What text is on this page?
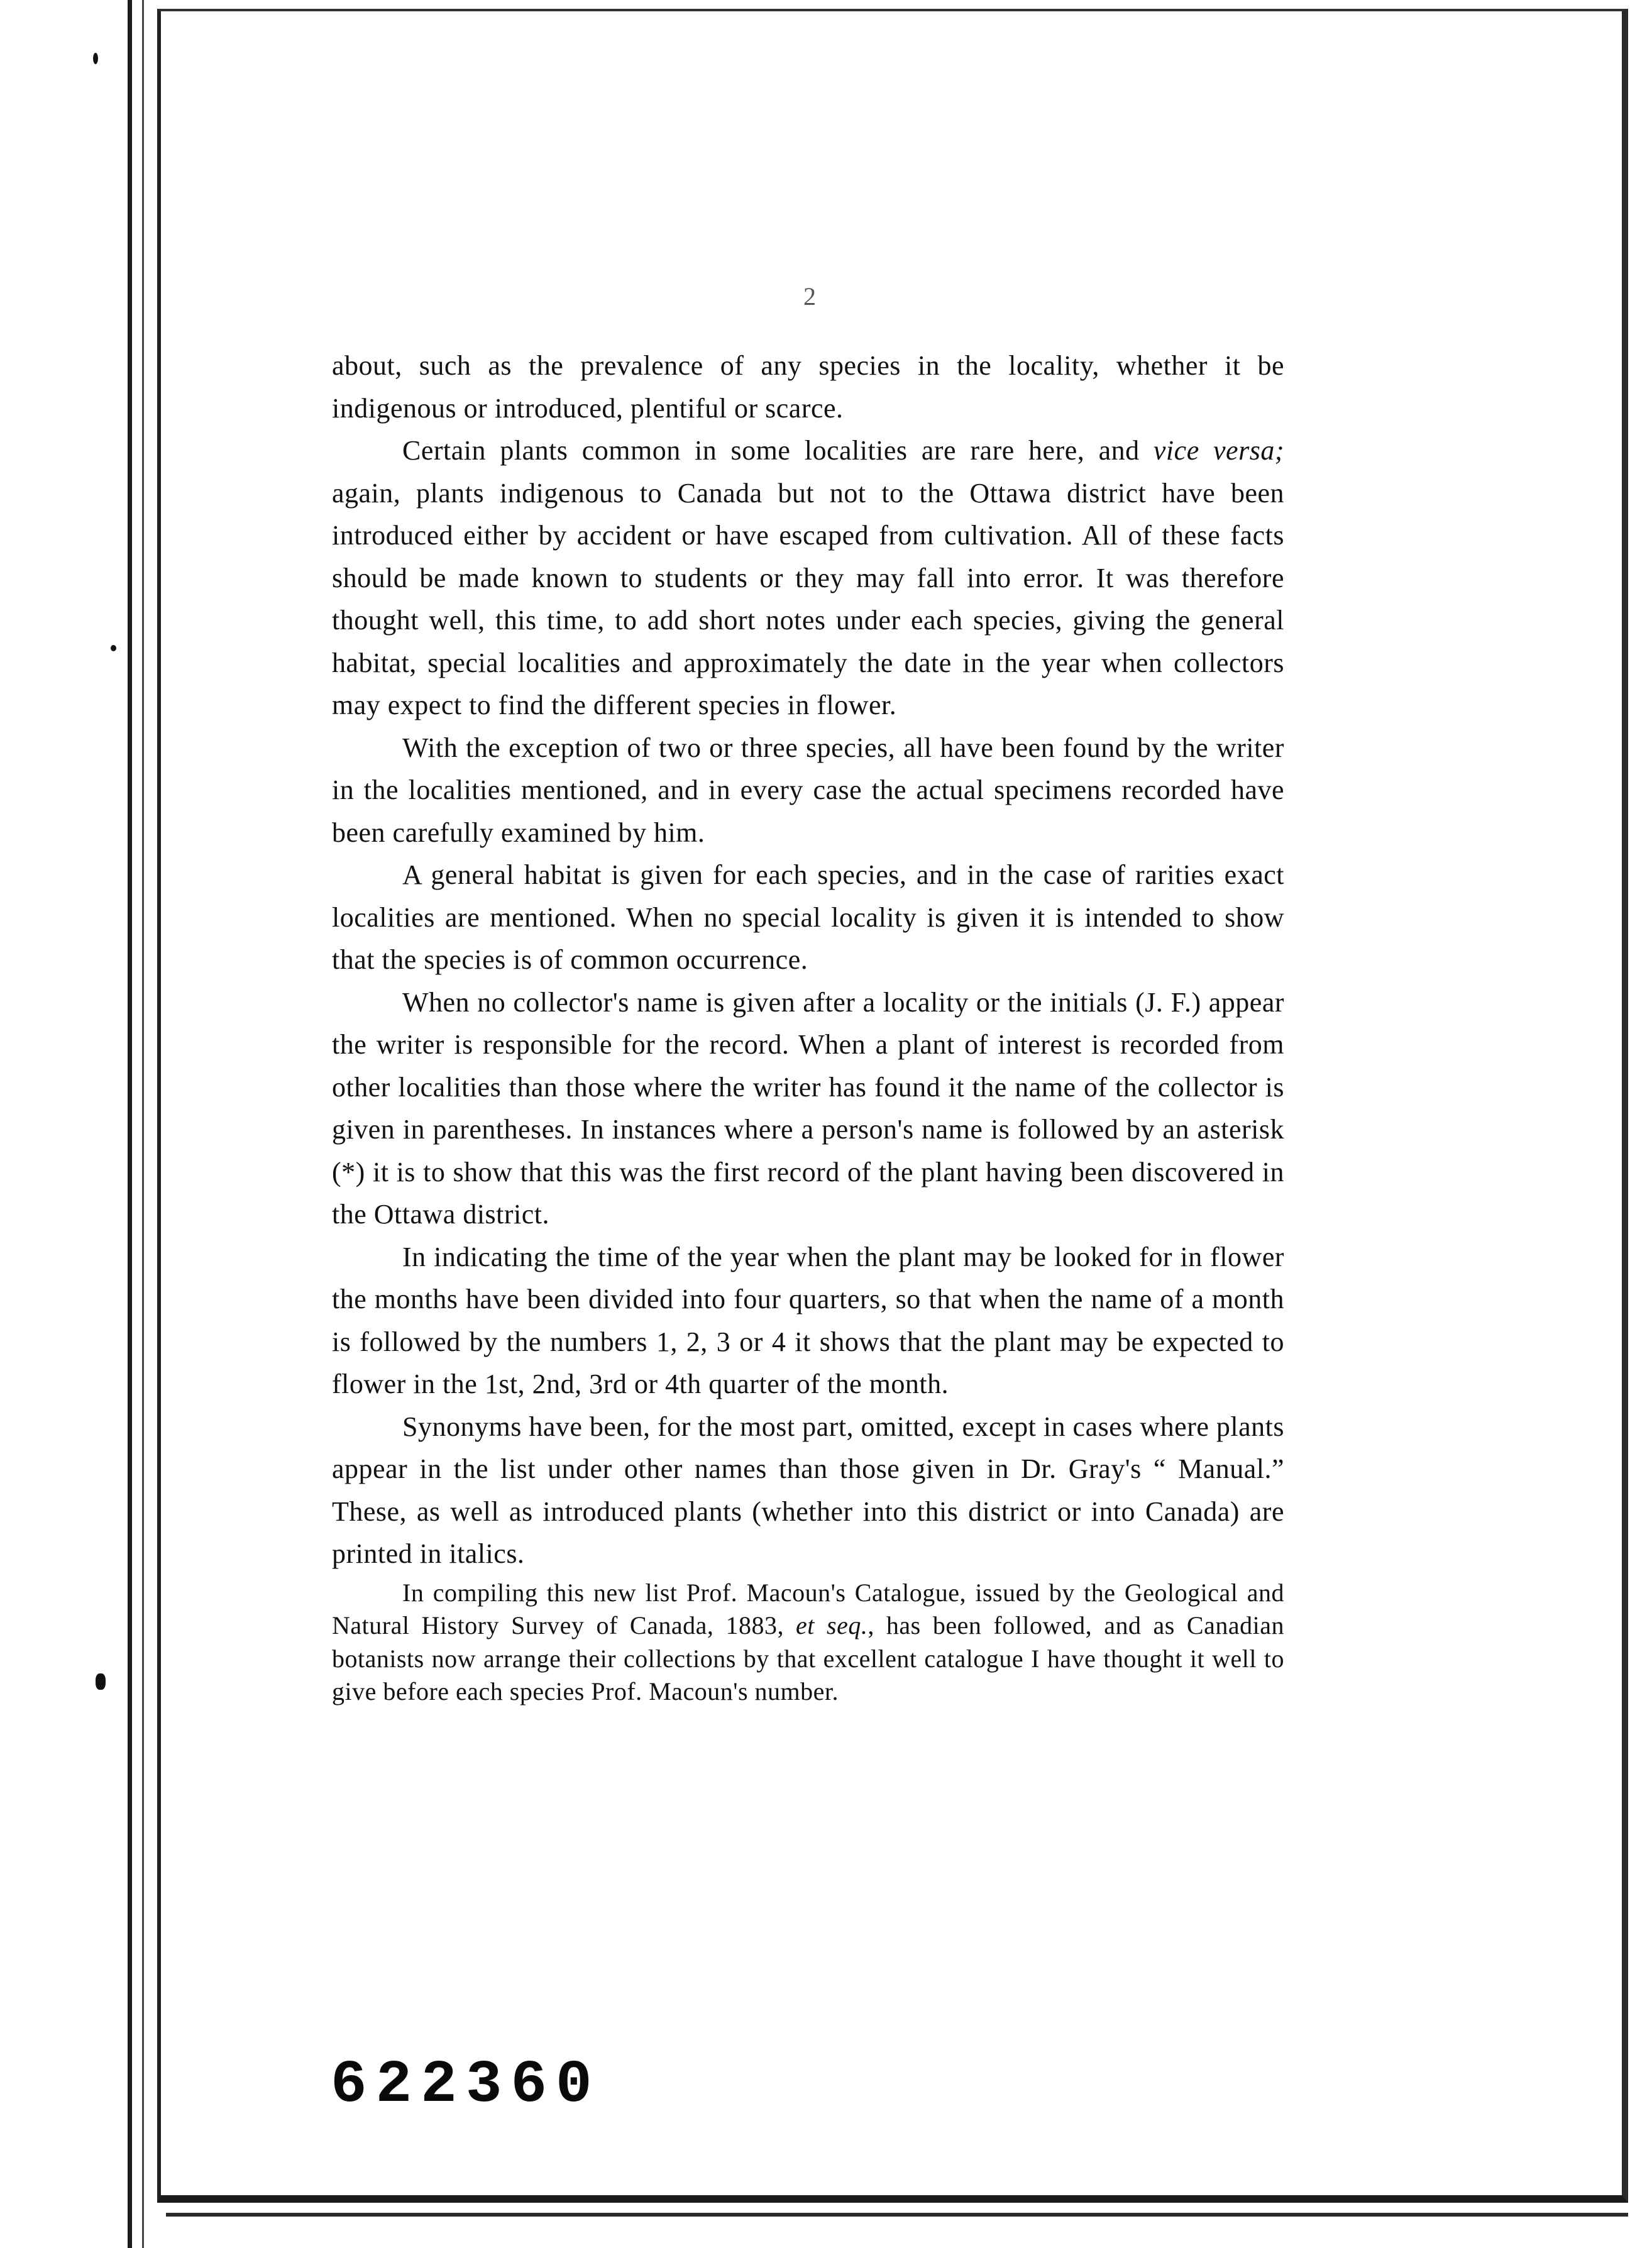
2

about, such as the prevalence of any species in the locality, whether it be indigenous or introduced, plentiful or scarce.

Certain plants common in some localities are rare here, and vice versa; again, plants indigenous to Canada but not to the Ottawa district have been introduced either by accident or have escaped from cultivation. All of these facts should be made known to students or they may fall into error. It was therefore thought well, this time, to add short notes under each species, giving the general habitat, special localities and approximately the date in the year when collectors may expect to find the different species in flower.

With the exception of two or three species, all have been found by the writer in the localities mentioned, and in every case the actual specimens recorded have been carefully examined by him.

A general habitat is given for each species, and in the case of rarities exact localities are mentioned. When no special locality is given it is intended to show that the species is of common occurrence.

When no collector's name is given after a locality or the initials (J. F.) appear the writer is responsible for the record. When a plant of interest is recorded from other localities than those where the writer has found it the name of the collector is given in parentheses. In instances where a person's name is followed by an asterisk (*) it is to show that this was the first record of the plant having been discovered in the Ottawa district.

In indicating the time of the year when the plant may be looked for in flower the months have been divided into four quarters, so that when the name of a month is followed by the numbers 1, 2, 3 or 4 it shows that the plant may be expected to flower in the 1st, 2nd, 3rd or 4th quarter of the month.

Synonyms have been, for the most part, omitted, except in cases where plants appear in the list under other names than those given in Dr. Gray's “ Manual.” These, as well as introduced plants (whether into this district or into Canada) are printed in italics.

In compiling this new list Prof. Macoun's Catalogue, issued by the Geological and Natural History Survey of Canada, 1883, et seq., has been followed, and as Canadian botanists now arrange their collections by that excellent catalogue I have thought it well to give before each species Prof. Macoun's number.

622360
